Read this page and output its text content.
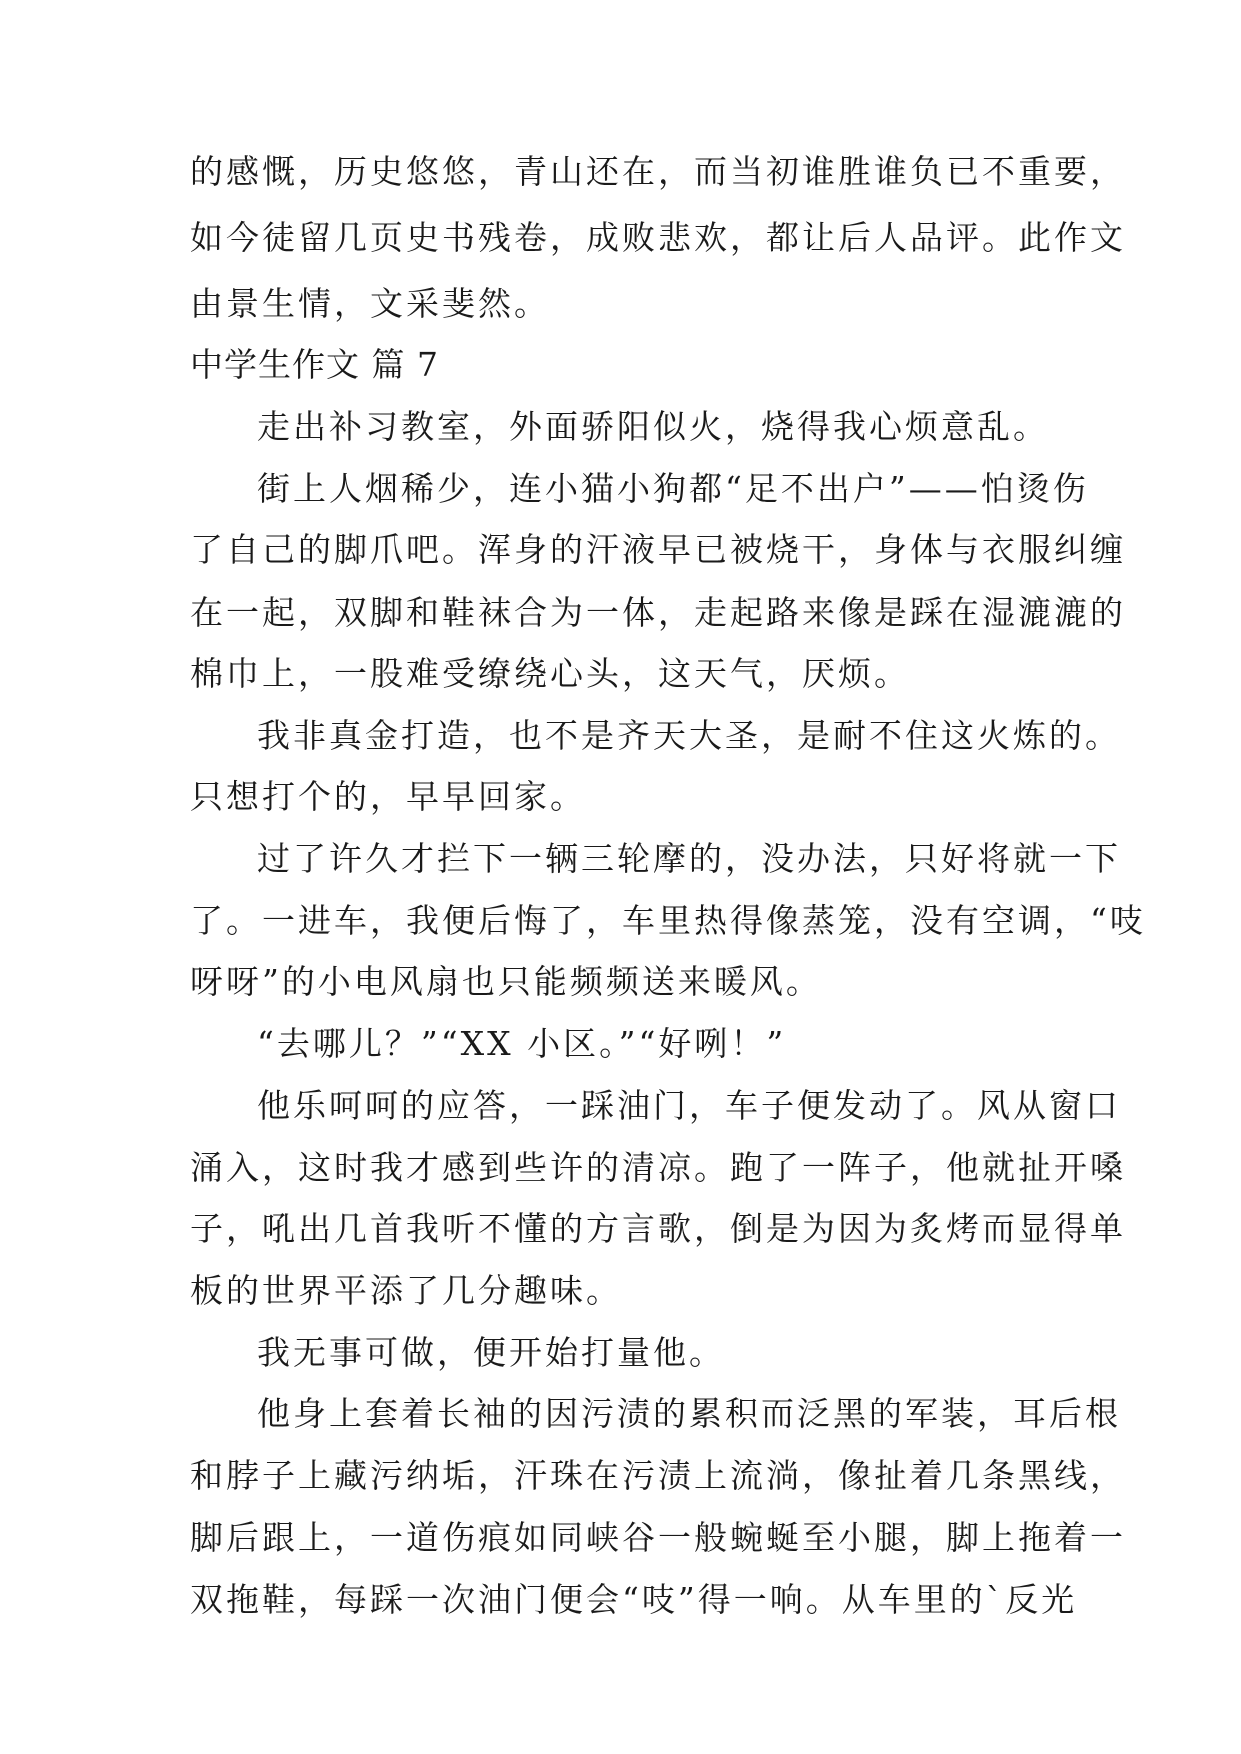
的感慨，历史悠悠，青山还在，而当初谁胜谁负已不重要，
如今徒留几页史书残卷，成败悲欢，都让后人品评。此作文
由景生情，文采斐然。
中学生作文 篇 7
走出补习教室，外面骄阳似火，烧得我心烦意乱。
街上人烟稀少，连小猫小狗都“足不出户”——怕烫伤
了自己的脚爪吧。浑身的汗液早已被烧干，身体与衣服纠缠
在一起，双脚和鞋袜合为一体，走起路来像是踩在湿漉漉的
棉巾上，一股难受缭绕心头，这天气，厌烦。
我非真金打造，也不是齐天大圣，是耐不住这火炼的。
只想打个的，早早回家。
过了许久才拦下一辆三轮摩的，没办法，只好将就一下
了。一进车，我便后悔了，车里热得像蒸笼，没有空调，“吱
呀呀”的小电风扇也只能频频送来暖风。
“去哪儿？”“XX 小区。”“好咧！”
他乐呵呵的应答，一踩油门，车子便发动了。风从窗口
涌入，这时我才感到些许的清凉。跑了一阵子，他就扯开嗓
子，吼出几首我听不懂的方言歌，倒是为因为炙烤而显得单
板的世界平添了几分趣味。
我无事可做，便开始打量他。
他身上套着长袖的因污渍的累积而泛黑的军装，耳后根
和脖子上藏污纳垢，汗珠在污渍上流淌，像扯着几条黑线，
脚后跟上，一道伤痕如同峡谷一般蜿蜒至小腿，脚上拖着一
双拖鞋，每踩一次油门便会“吱”得一响。从车里的`反光
